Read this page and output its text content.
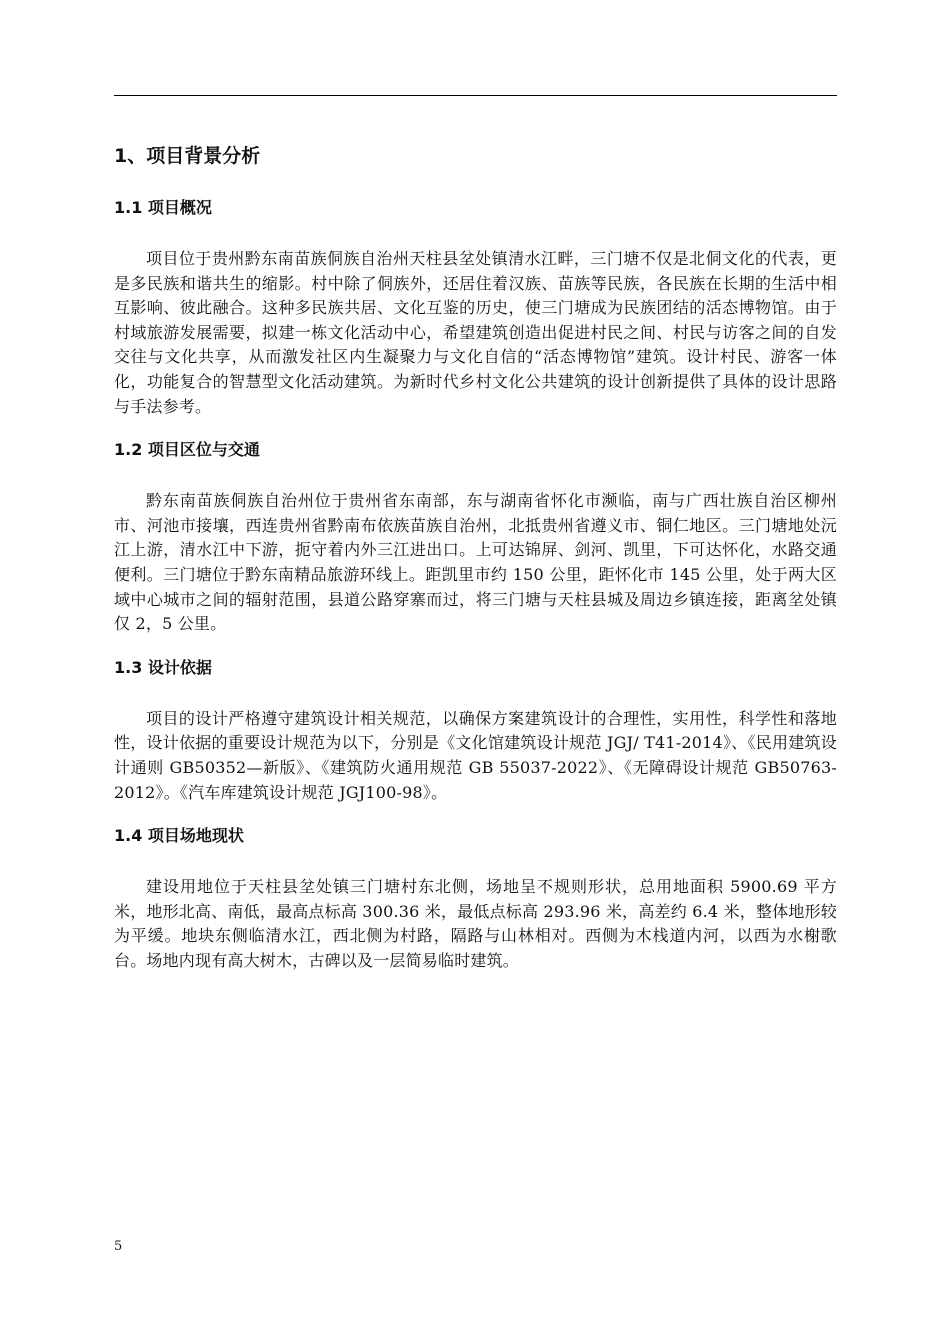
1、项目背景分析
1.1 项目概况

项目位于贵州黔东南苗族侗族自治州天柱县坌处镇清水江畔，三门塘不仅是北侗文化的代表，更是多民族和谐共生的缩影。村中除了侗族外，还居住着汉族、苗族等民族，各民族在长期的生活中相互影响、彼此融合。这种多民族共居、文化互鉴的历史，使三门塘成为民族团结的活态博物馆。由于村域旅游发展需要，拟建一栋文化活动中心，希望建筑创造出促进村民之间、村民与访客之间的自发交往与文化共享，从而激发社区内生凝聚力与文化自信的“活态博物馆”建筑。设计村民、游客一体化，功能复合的智慧型文化活动建筑。为新时代乡村文化公共建筑的设计创新提供了具体的设计思路与手法参考。

1.2 项目区位与交通

黔东南苗族侗族自治州位于贵州省东南部，东与湖南省怀化市濒临，南与广西壮族自治区柳州市、河池市接壤，西连贵州省黔南布依族苗族自治州，北抵贵州省遵义市、铜仁地区。三门塘地处沅江上游，清水江中下游，扼守着内外三江进出口。上可达锦屏、剑河、凯里，下可达怀化，水路交通便利。三门塘位于黔东南精品旅游环线上。距凯里市约 150 公里，距怀化市 145 公里，处于两大区域中心城市之间的辐射范围，县道公路穿寨而过，将三门塘与天柱县城及周边乡镇连接，距离坌处镇仅 2，5 公里。

1.3 设计依据

项目的设计严格遵守建筑设计相关规范，以确保方案建筑设计的合理性，实用性，科学性和落地性，设计依据的重要设计规范为以下，分别是《文化馆建筑设计规范 JGJ/ T41-2014》、《民用建筑设计通则 GB50352—新版》、《建筑防火通用规范 GB 55037-2022》、《无障碍设计规范 GB50763-2012》。《汽车库建筑设计规范 JGJ100-98》。

1.4 项目场地现状

建设用地位于天柱县坌处镇三门塘村东北侧，场地呈不规则形状，总用地面积 5900.69 平方米，地形北高、南低，最高点标高 300.36 米，最低点标高 293.96 米，高差约 6.4 米，整体地形较为平缓。地块东侧临清水江，西北侧为村路，隔路与山林相对。西侧为木栈道内河，以西为水榭歌台。场地内现有高大树木，古碑以及一层简易临时建筑。

5
